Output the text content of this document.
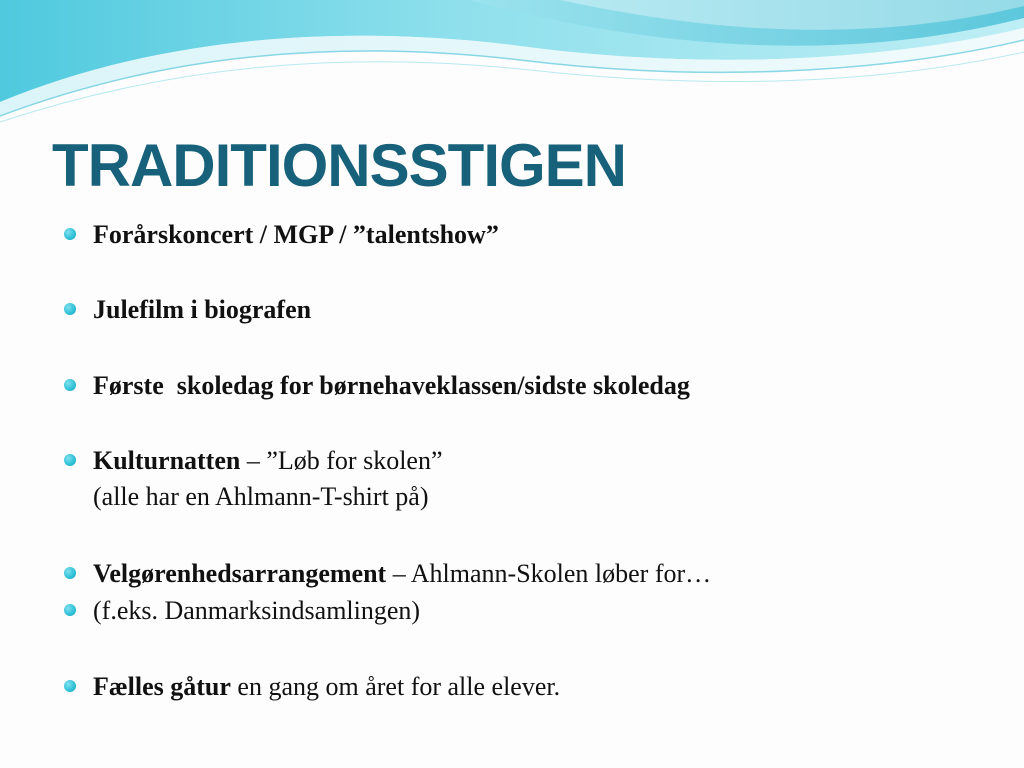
TRADITIONSSTIGEN
Forårskoncert / MGP / ”talentshow”
Julefilm i biografen
Første  skoledag for børnehaveklassen/sidste skoledag
Kulturnatten – ”Løb for skolen”
(alle har en Ahlmann-T-shirt på)
Velgørenhedsarrangement – Ahlmann-Skolen løber for…
(f.eks. Danmarksindsamlingen)
Fælles gåtur en gang om året for alle elever.
